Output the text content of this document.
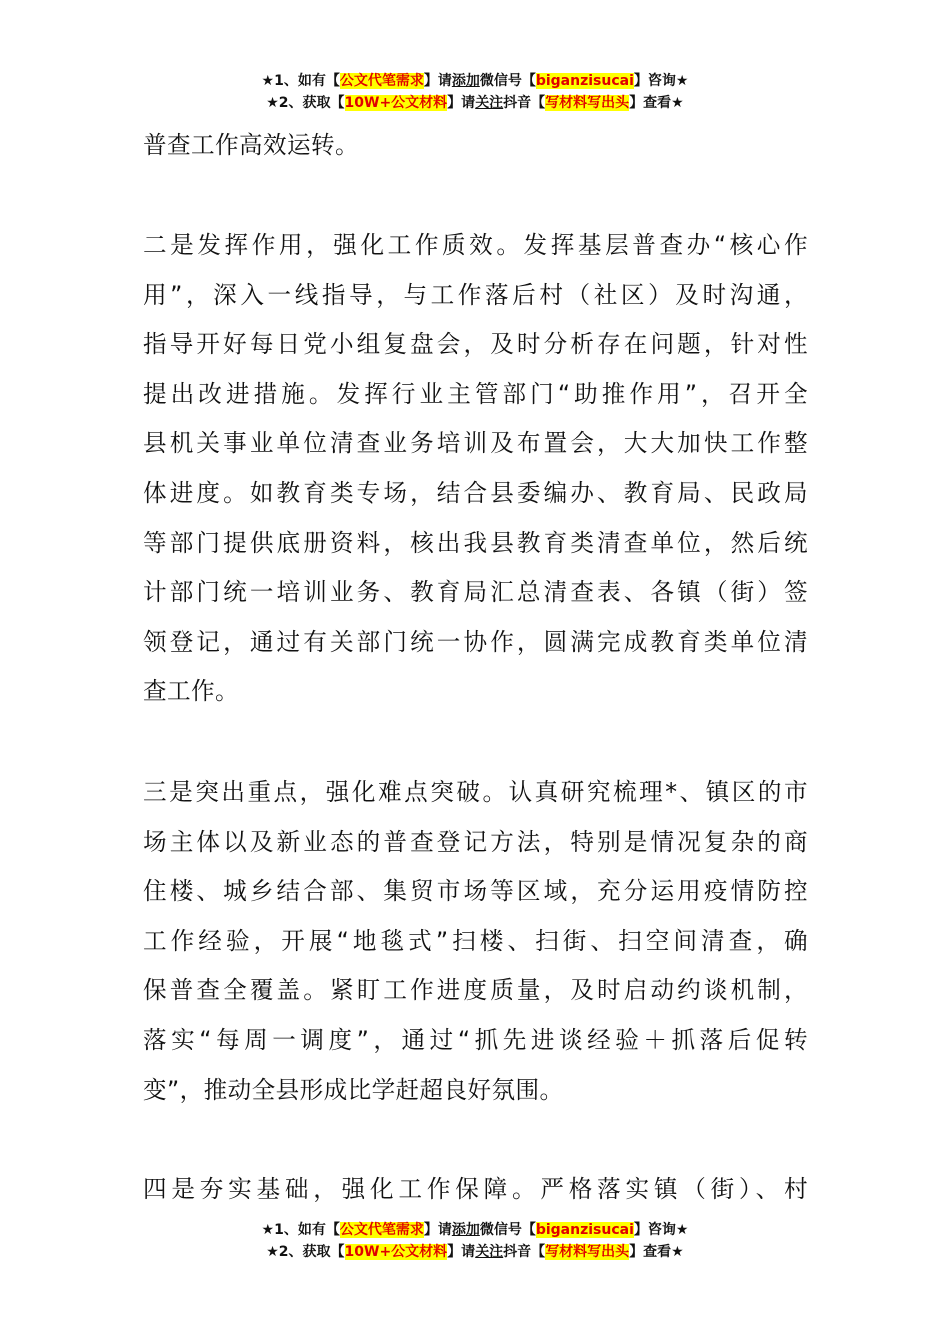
★1、如有【公文代笔需求】请添加微信号【biganzisucai】咨询★
★2、获取【10W+公文材料】请关注抖音【写材料写出头】查看★
普查工作高效运转。
二是发挥作用，强化工作质效。发挥基层普查办“核心作
用”，深入一线指导，与工作落后村（社区）及时沟通，
指导开好每日党小组复盘会，及时分析存在问题，针对性
提出改进措施。发挥行业主管部门“助推作用”，召开全
县机关事业单位清查业务培训及布置会，大大加快工作整
体进度。如教育类专场，结合县委编办、教育局、民政局
等部门提供底册资料，核出我县教育类清查单位，然后统
计部门统一培训业务、教育局汇总清查表、各镇（街）签
领登记，通过有关部门统一协作，圆满完成教育类单位清
查工作。
三是突出重点，强化难点突破。认真研究梳理*、镇区的市
场主体以及新业态的普查登记方法，特别是情况复杂的商
住楼、城乡结合部、集贸市场等区域，充分运用疫情防控
工作经验，开展“地毯式”扫楼、扫街、扫空间清查，确
保普查全覆盖。紧盯工作进度质量，及时启动约谈机制，
落实“每周一调度”，通过“抓先进谈经验＋抓落后促转
变”，推动全县形成比学赶超良好氛围。
四是夯实基础，强化工作保障。严格落实镇（街）、村
★1、如有【公文代笔需求】请添加微信号【biganzisucai】咨询★
★2、获取【10W+公文材料】请关注抖音【写材料写出头】查看★
